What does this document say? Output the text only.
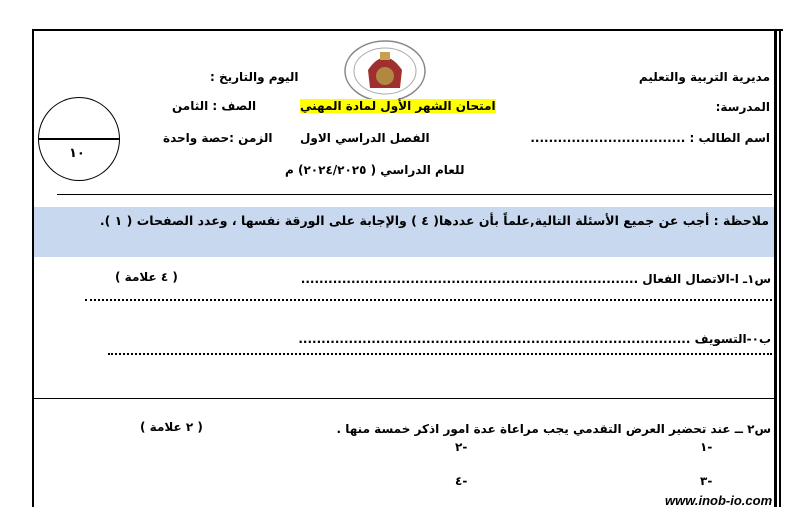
مديرية التربية والتعليم
اليوم والتاريخ :
المدرسة:
امتحان الشهر الأول لمادة المهني
الصف : الثامن
اسم الطالب : ..................................
الفصل الدراسي الاول
الزمن :حصة واحدة
للعام الدراسي ( ٢٠٢٤/٢٠٢٥) م
١٠
ملاحظة : أجب عن جميع الأسئلة التالية,علماً بأن عددها( ٤ ) والإجابة على الورقة نفسها ، وعدد الصفحات ( ١ ).
س١ـ ا-الاتصال الفعال ..........................................................................
( ٤ علامة )
ب٠-التسويف ......................................................................................
س٢ ــ عند تحضير العرض التقدمي يجب مراعاة عدة امور اذكر خمسة منها .
( ٢ علامة )
-١
-٢
-٣
-٤
www.inob-io.com
